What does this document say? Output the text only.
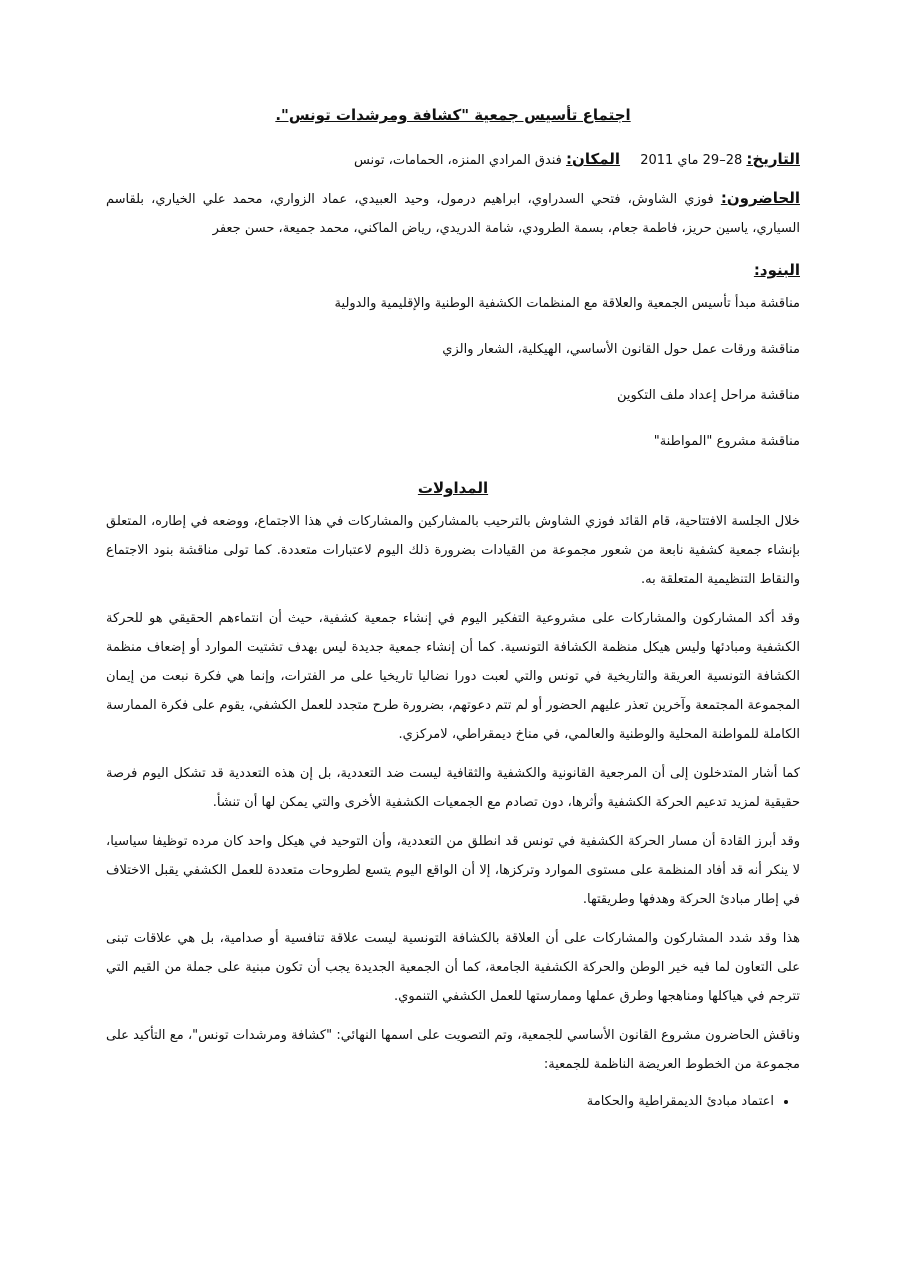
اجتماع تأسيس جمعية "كشافة ومرشدات تونس".

التاريخ: 28–29 ماي 2011 المكان: فندق المرادي المنزه، الحمامات، تونس

الحاضرون: فوزي الشاوش، فتحي السدراوي، ابراهيم درمول، وحيد العبيدي، عماد الزواري، محمد علي الخياري، بلقاسم السياري، ياسين حريز، فاطمة جعام، بسمة الطرودي، شامة الدريدي، رياض الماكني، محمد جميعة، حسن جعفر

البنود:
مناقشة مبدأ تأسيس الجمعية والعلاقة مع المنظمات الكشفية الوطنية والإقليمية والدولية
مناقشة ورقات عمل حول القانون الأساسي، الهيكلية، الشعار والزي
مناقشة مراحل إعداد ملف التكوين
مناقشة مشروع "المواطنة"
المداولات

خلال الجلسة الافتتاحية، قام القائد فوزي الشاوش بالترحيب بالمشاركين والمشاركات في هذا الاجتماع، ووضعه في إطاره، المتعلق بإنشاء جمعية كشفية نابعة من شعور مجموعة من القيادات بضرورة ذلك اليوم لاعتبارات متعددة. كما تولى مناقشة بنود الاجتماع والنقاط التنظيمية المتعلقة به.

وقد أكد المشاركون والمشاركات على مشروعية التفكير اليوم في إنشاء جمعية كشفية، حيث أن انتماءهم الحقيقي هو للحركة الكشفية ومبادئها وليس هيكل منظمة الكشافة التونسية. كما أن إنشاء جمعية جديدة ليس بهدف تشتيت الموارد أو إضعاف منظمة الكشافة التونسية العريقة والتاريخية في تونس والتي لعبت دورا نضاليا تاريخيا على مر الفترات، وإنما هي فكرة نبعت من إيمان المجموعة المجتمعة وآخرين تعذر عليهم الحضور أو لم تتم دعوتهم، بضرورة طرح متجدد للعمل الكشفي، يقوم على فكرة الممارسة الكاملة للمواطنة المحلية والوطنية والعالمي، في مناخ ديمقراطي، لامركزي.

كما أشار المتدخلون إلى أن المرجعية القانونية والكشفية والثقافية ليست ضد التعددية، بل إن هذه التعددية قد تشكل اليوم فرصة حقيقية لمزيد تدعيم الحركة الكشفية وأثرها، دون تصادم مع الجمعيات الكشفية الأخرى والتي يمكن لها أن تنشأ.

وقد أبرز القادة أن مسار الحركة الكشفية في تونس قد انطلق من التعددية، وأن التوحيد في هيكل واحد كان مرده توظيفا سياسيا، لا ينكر أنه قد أفاد المنظمة على مستوى الموارد وتركزها، إلا أن الواقع اليوم يتسع لطروحات متعددة للعمل الكشفي يقبل الاختلاف في إطار مبادئ الحركة وهدفها وطريقتها.

هذا وقد شدد المشاركون والمشاركات على أن العلاقة بالكشافة التونسية ليست علاقة تنافسية أو صدامية، بل هي علاقات تبنى على التعاون لما فيه خير الوطن والحركة الكشفية الجامعة، كما أن الجمعية الجديدة يجب أن تكون مبنية على جملة من القيم التي تترجم في هياكلها ومناهجها وطرق عملها وممارستها للعمل الكشفي التنموي.

وناقش الحاضرون مشروع القانون الأساسي للجمعية، وتم التصويت على اسمها النهائي: "كشافة ومرشدات تونس"، مع التأكيد على مجموعة من الخطوط العريضة الناظمة للجمعية:

• اعتماد مبادئ الديمقراطية والحكامة
